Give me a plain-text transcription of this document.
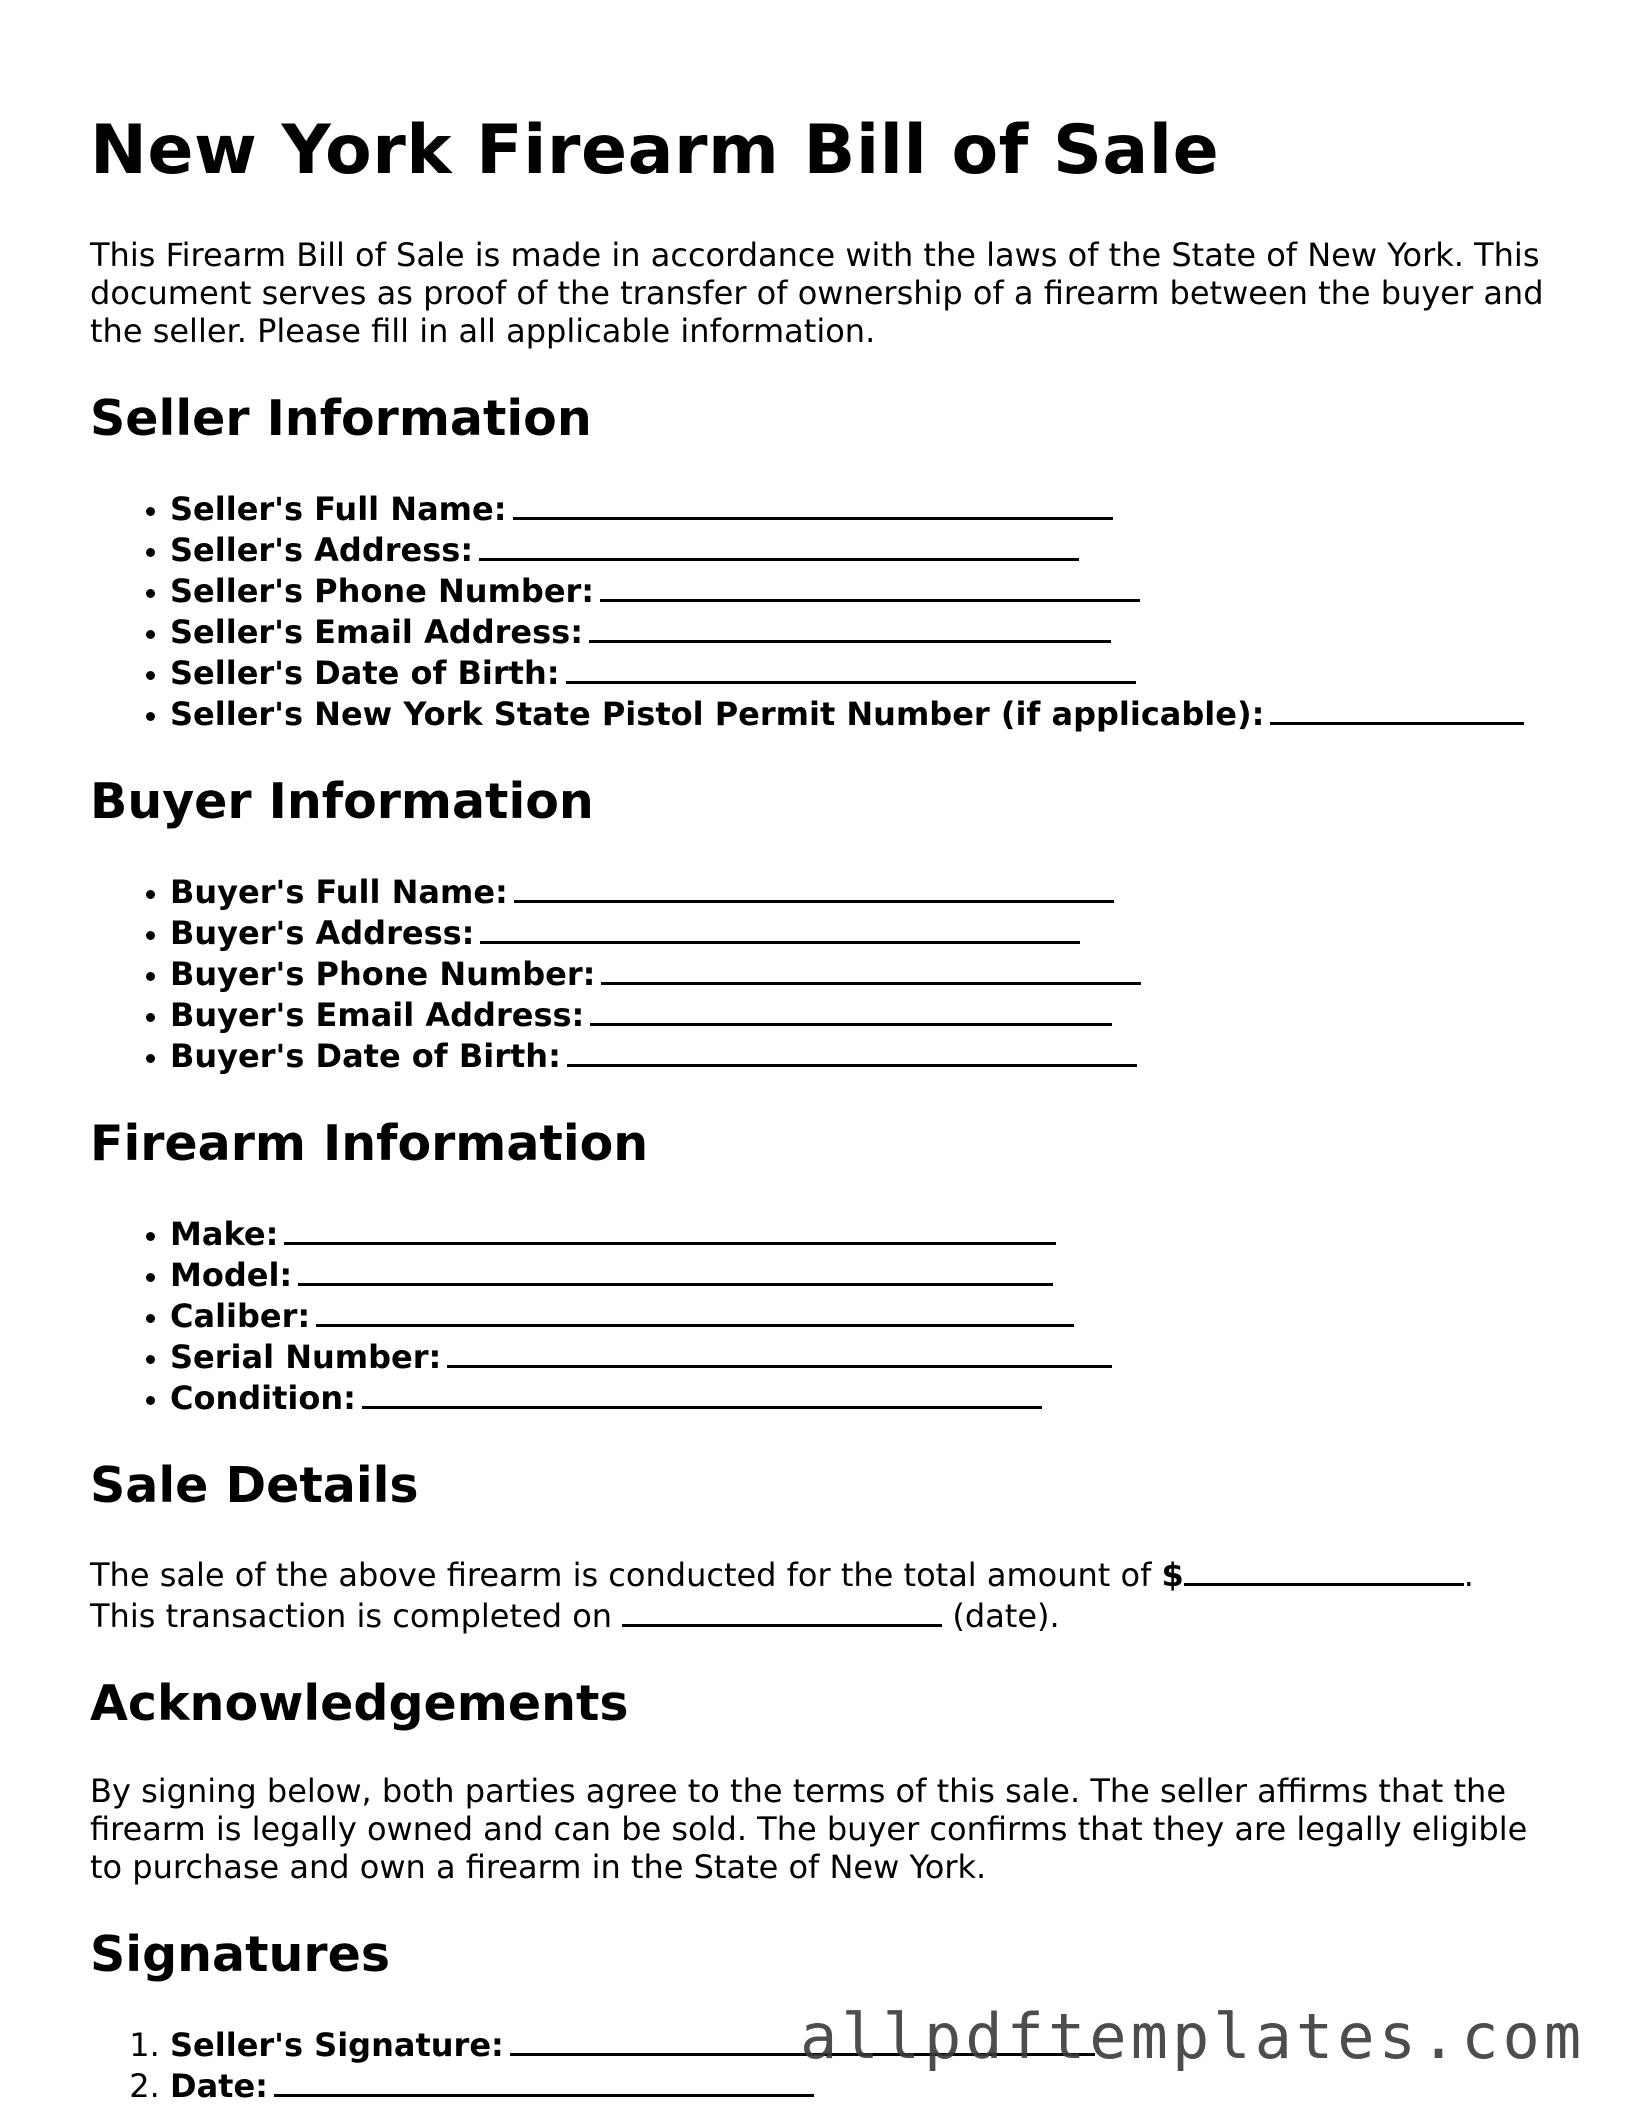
New York Firearm Bill of Sale

This Firearm Bill of Sale is made in accordance with the laws of the State of New York. This document serves as proof of the transfer of ownership of a firearm between the buyer and the seller. Please fill in all applicable information.

Seller Information
• Seller's Full Name:
• Seller's Address:
• Seller's Phone Number:
• Seller's Email Address:
• Seller's Date of Birth:
• Seller's New York State Pistol Permit Number (if applicable):
Buyer Information
• Buyer's Full Name:
• Buyer's Address:
• Buyer's Phone Number:
• Buyer's Email Address:
• Buyer's Date of Birth:
Firearm Information
• Make:
• Model:
• Caliber:
• Serial Number:
• Condition:
Sale Details

The sale of the above firearm is conducted for the total amount of $	.
This transaction is completed on	(date).

Acknowledgements

By signing below, both parties agree to the terms of this sale. The seller affirms that the firearm is legally owned and can be sold. The buyer confirms that they are legally eligible to purchase and own a firearm in the State of New York.

Signatures
1. Seller's Signature:
2. Date:
allpdftemplates.com
